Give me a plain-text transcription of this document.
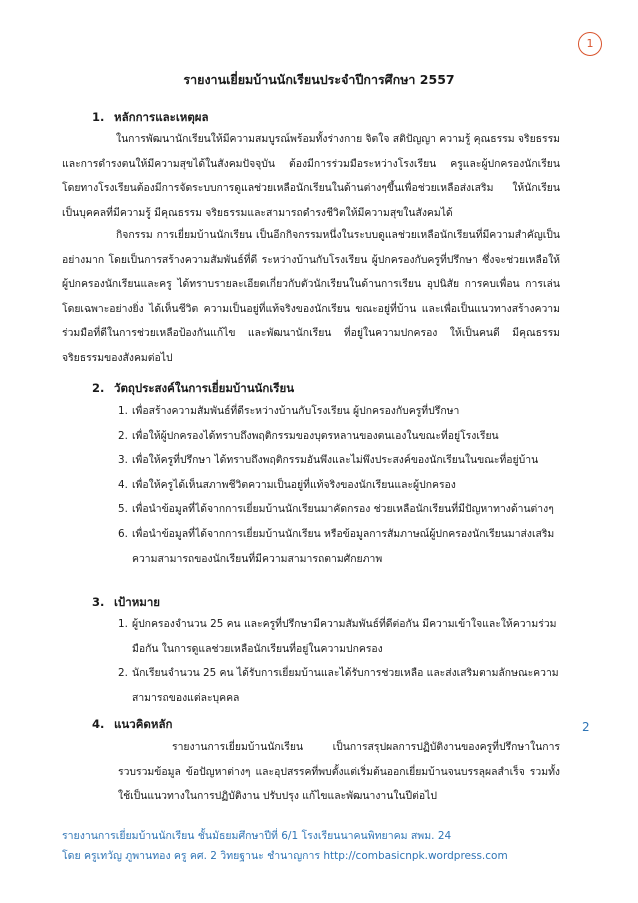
1
รายงานเยี่ยมบ้านนักเรียนประจำปีการศึกษา 2557
1. หลักการและเหตุผล
ในการพัฒนานักเรียนให้มีความสมบูรณ์พร้อมทั้งร่างกาย จิตใจ สติปัญญา ความรู้ คุณธรรม จริยธรรม และการดำรงตนให้มีความสุขได้ในสังคมปัจจุบัน ต้องมีการร่วมมือระหว่างโรงเรียน ครูและผู้ปกครองนักเรียน โดยทางโรงเรียนต้องมีการจัดระบบการดูแลช่วยเหลือนักเรียนในด้านต่างๆขึ้นเพื่อช่วยเหลือส่งเสริม ให้นักเรียนเป็นบุคคลที่มีความรู้ มีคุณธรรม จริยธรรมและสามารถดำรงชีวิตให้มีความสุขในสังคมได้
กิจกรรม การเยี่ยมบ้านนักเรียน เป็นอีกกิจกรรมหนึ่งในระบบดูแลช่วยเหลือนักเรียนที่มีความสำคัญเป็นอย่างมาก โดยเป็นการสร้างความสัมพันธ์ที่ดี ระหว่างบ้านกับโรงเรียน ผู้ปกครองกับครูที่ปรึกษา ซึ่งจะช่วยเหลือให้ผู้ปกครองนักเรียนและครู ได้ทราบรายละเอียดเกี่ยวกับตัวนักเรียนในด้านการเรียน อุปนิสัย การคบเพื่อน การเล่น โดยเฉพาะอย่างยิ่ง ได้เห็นชีวิต ความเป็นอยู่ที่แท้จริงของนักเรียน ขณะอยู่ที่บ้าน และเพื่อเป็นแนวทางสร้างความร่วมมือที่ดีในการช่วยเหลือป้องกันแก้ไข และพัฒนานักเรียน ที่อยู่ในความปกครอง ให้เป็นคนดี มีคุณธรรม จริยธรรมของสังคมต่อไป
2. วัตถุประสงค์ในการเยี่ยมบ้านนักเรียน
1. เพื่อสร้างความสัมพันธ์ที่ดีระหว่างบ้านกับโรงเรียน ผู้ปกครองกับครูที่ปรึกษา
2. เพื่อให้ผู้ปกครองได้ทราบถึงพฤติกรรมของบุตรหลานของตนเองในขณะที่อยู่โรงเรียน
3. เพื่อให้ครูที่ปรึกษา ได้ทราบถึงพฤติกรรมอันพึงและไม่พึงประสงค์ของนักเรียนในขณะที่อยู่บ้าน
4. เพื่อให้ครูได้เห็นสภาพชีวิตความเป็นอยู่ที่แท้จริงของนักเรียนและผู้ปกครอง
5. เพื่อนำข้อมูลที่ได้จากการเยี่ยมบ้านนักเรียนมาคัดกรอง ช่วยเหลือนักเรียนที่มีปัญหาทางด้านต่างๆ
6. เพื่อนำข้อมูลที่ได้จากการเยี่ยมบ้านนักเรียน หรือข้อมูลการสัมภาษณ์ผู้ปกครองนักเรียนมาส่งเสริมความสามารถของนักเรียนที่มีความสามารถตามศักยภาพ
3. เป้าหมาย
1. ผู้ปกครองจำนวน 25 คน และครูที่ปรึกษามีความสัมพันธ์ที่ดีต่อกัน มีความเข้าใจและให้ความร่วมมือกัน ในการดูแลช่วยเหลือนักเรียนที่อยู่ในความปกครอง
2. นักเรียนจำนวน 25 คน ได้รับการเยี่ยมบ้านและได้รับการช่วยเหลือ และส่งเสริมตามลักษณะความสามารถของแต่ละบุคคล
2
4. แนวคิดหลัก
รายงานการเยี่ยมบ้านนักเรียน เป็นการสรุปผลการปฏิบัติงานของครูที่ปรึกษาในการรวบรวมข้อมูล ข้อปัญหาต่างๆ และอุปสรรคที่พบตั้งแต่เริ่มต้นออกเยี่ยมบ้านจนบรรลุผลสำเร็จ รวมทั้งใช้เป็นแนวทางในการปฏิบัติงาน ปรับปรุง แก้ไขและพัฒนางานในปีต่อไป
รายงานการเยี่ยมบ้านนักเรียน ชั้นมัธยมศึกษาปีที่ 6/1 โรงเรียนนาคนพิทยาคม สพม. 24
โดย ครูเทวัญ ภูพานทอง ครู คศ. 2 วิทยฐานะ ชำนาญการ http://combasicnpk.wordpress.com
